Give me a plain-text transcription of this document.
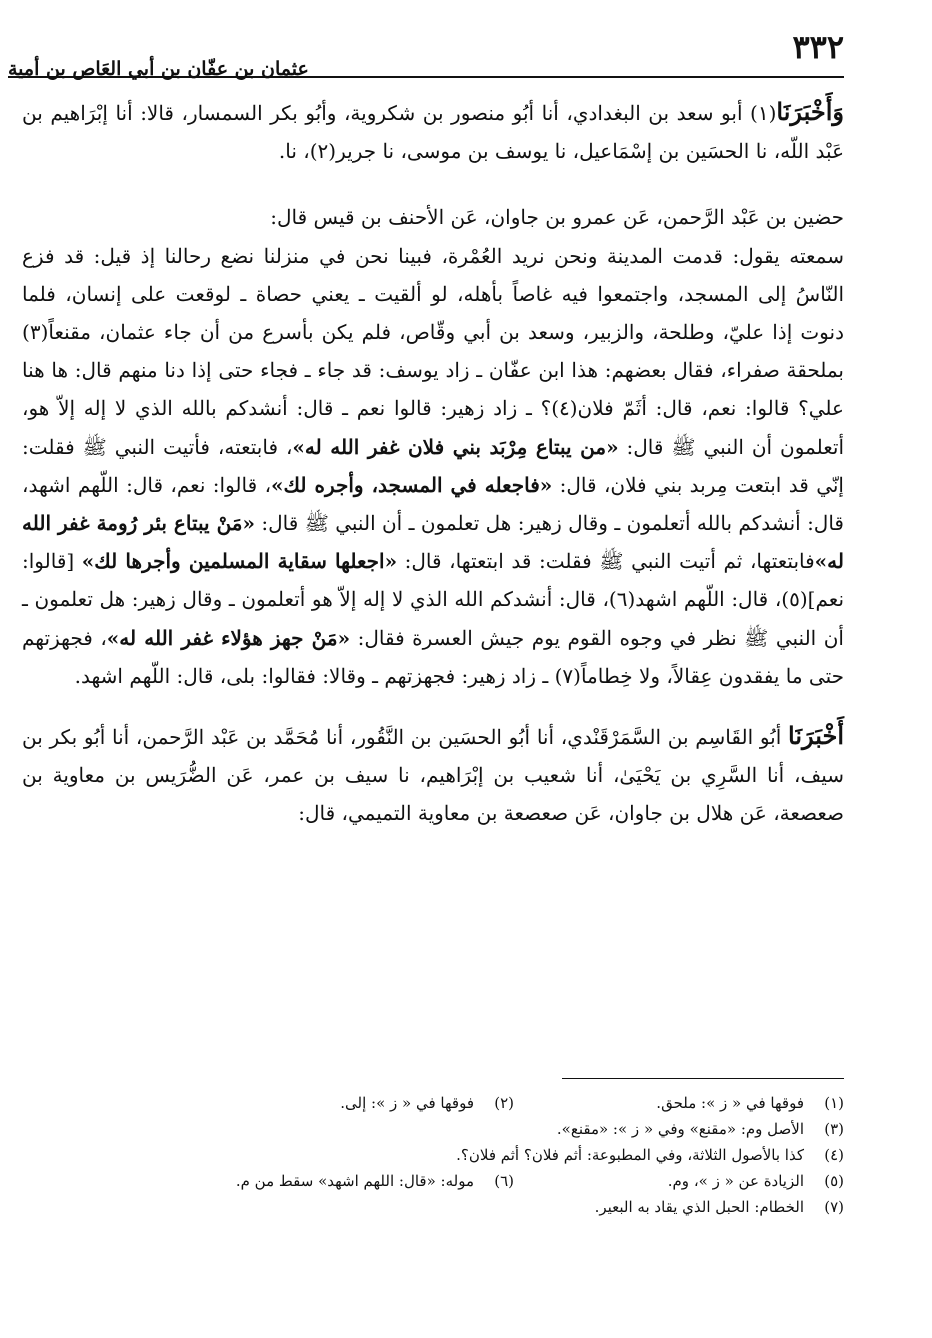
٣٣٢
عثمان بن عفّان بن أبي العَاص بن أمية

وَأَخْبَرَنَا(١) أبو سعد بن البغدادي، أنا أبُو منصور بن شكروية، وأبُو بكر السمسار، قالا: أنا إبْرَاهيم بن عَبْد اللّه، نا الحسَين بن إسْمَاعيل، نا يوسف بن موسى، نا جرير(٢)، نا.

حضين بن عَبْد الرَّحمن، عَن عمرو بن جاوان، عَن الأحنف بن قيس قال:

سمعته يقول: قدمت المدينة ونحن نريد العُمْرة، فبينا نحن في منزلنا نضع رحالنا إذ قيل: قد فزع النّاسُ إلى المسجد، واجتمعوا فيه غاصاً بأهله، لو ألقيت ـ يعني حصاة ـ لوقعت على إنسان، فلما دنوت إذا عليّ، وطلحة، والزبير، وسعد بن أبي وقّاص، فلم يكن بأسرع من أن جاء عثمان، مقنعاً(٣) بملحقة صفراء، فقال بعضهم: هذا ابن عفّان ـ زاد يوسف: قد جاء ـ فجاء حتى إذا دنا منهم قال: ها هنا علي؟ قالوا: نعم، قال: أثَمّ فلان(٤)؟ ـ زاد زهير: قالوا نعم ـ قال: أنشدكم بالله الذي لا إله إلاّ هو، أتعلمون أن النبي ﷺ قال: «من يبتاع مِرْبَد بني فلان غفر الله له»، فابتعته، فأتيت النبي ﷺ فقلت: إنّي قد ابتعت مِربد بني فلان، قال: «فاجعله في المسجد، وأجره لك»، قالوا: نعم، قال: اللّهم اشهد، قال: أنشدكم بالله أتعلمون ـ وقال زهير: هل تعلمون ـ أن النبي ﷺ قال: «مَنْ يبتاع بئر رُومة غفر الله له»فابتعتها، ثم أتيت النبي ﷺ فقلت: قد ابتعتها، قال: «اجعلها سقاية المسلمين وأجرها لك» [قالوا: نعم](٥)، قال: اللّهم اشهد(٦)، قال: أنشدكم الله الذي لا إله إلاّ هو أتعلمون ـ وقال زهير: هل تعلمون ـ أن النبي ﷺ نظر في وجوه القوم يوم جيش العسرة فقال: «مَنْ جهز هؤلاء غفر الله له»، فجهزتهم حتى ما يفقدون عِقالاً، ولا خِطاماً(٧) ـ زاد زهير: فجهزتهم ـ وقالا: فقالوا: بلى، قال: اللّهم اشهد.

أَخْبَرَنَا أبُو القَاسِم بن السَّمَرْقَنْدي، أنا أبُو الحسَين بن النَّقُور، أنا مُحَمَّد بن عَبْد الرَّحمن، أنا أبُو بكر بن سيف، أنا السَّرِي بن يَحْيَىٰ، أنا شعيب بن إبْرَاهيم، نا سيف بن عمر، عَن الضُّرَيس بن معاوية بن صعصعة، عَن هلال بن جاوان، عَن صعصعة بن معاوية التميمي، قال:

(١)
فوقها في « ز »: ملحق.
(٢)
فوقها في « ز »: إلى.
(٣)
الأصل وم: «مقنع» وفي « ز »: «مقنع».
(٤)
كذا بالأصول الثلاثة، وفي المطبوعة: أثم فلان؟ أثم فلان؟.
(٥)
الزيادة عن « ز »، وم.
(٦)
موله: «قال: اللهم اشهد» سقط من م.
(٧)
الخطام: الحبل الذي يقاد به البعير.
